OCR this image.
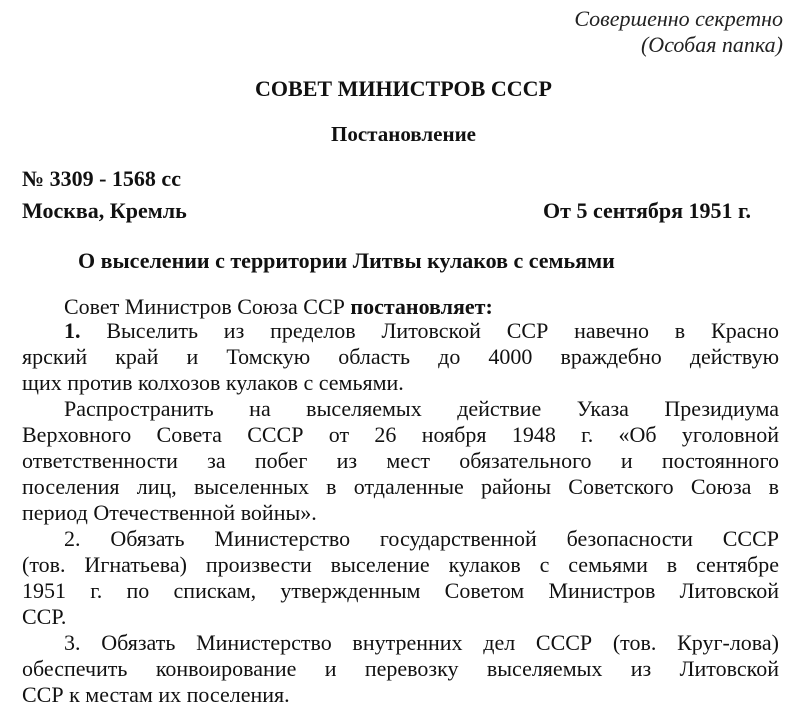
Совершенно секретно
(Особая папка)
СОВЕТ МИНИСТРОВ СССР
Постановление
№ 3309 - 1568 сс
Москва, Кремль	От 5 сентября 1951 г.
О выселении с территории Литвы кулаков с семьями
Совет Министров Союза ССР постановляет:
1. Выселить из пределов Литовской ССР навечно в Красно
ярский край и Томскую область до 4000 враждебно действую
щих против колхозов кулаков с семьями.
Распространить на выселяемых действие Указа Президиума
Верховного Совета СССР от 26 ноября 1948 г. «Об уголовной
ответственности за побег из мест обязательного и постоянного
поселения лиц, выселенных в отдаленные районы Советского Союза в
период Отечественной войны».
2. Обязать Министерство государственной безопасности СССР
(тов. Игнатьева) произвести выселение кулаков с семьями в сентябре
1951 г. по спискам, утвержденным Советом Министров Литовской
ССР.
3. Обязать Министерство внутренних дел СССР (тов. Круг-лова)
обеспечить конвоирование и перевозку выселяемых из Литовской
ССР к местам их поселения.
